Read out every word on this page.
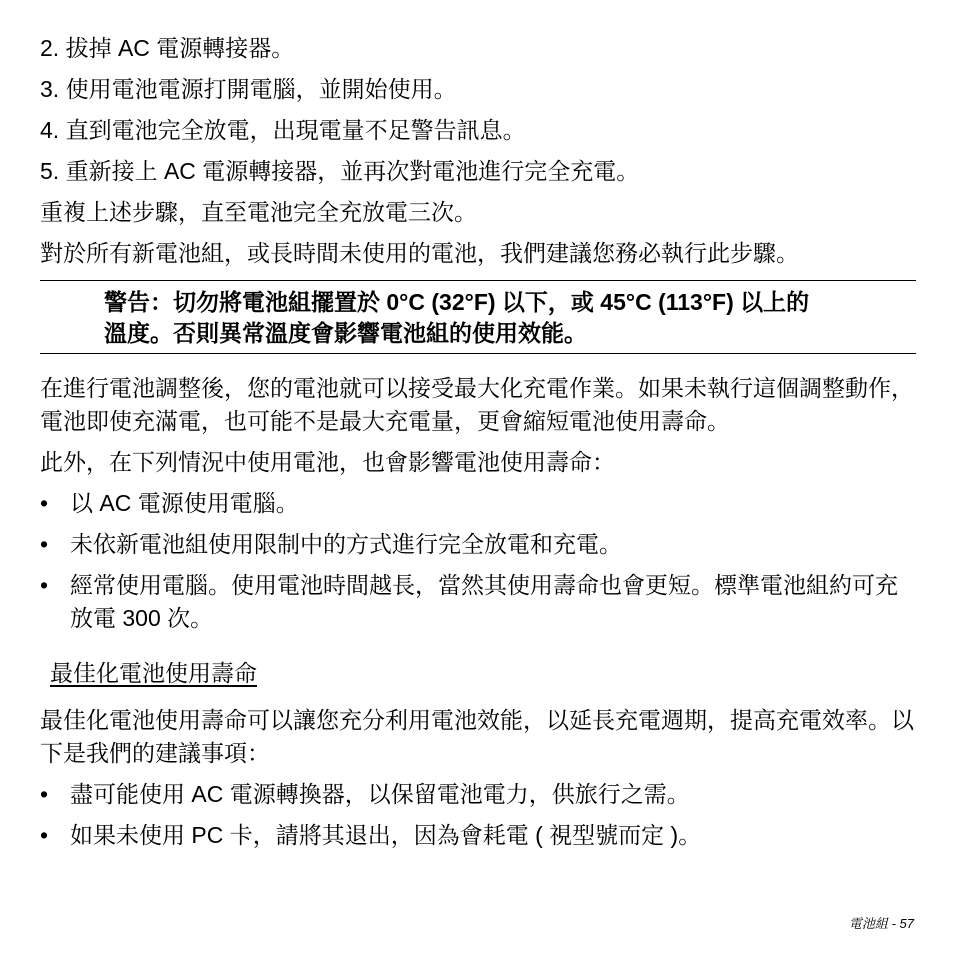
2. 拔掉 AC 電源轉接器。
3. 使用電池電源打開電腦，並開始使用。
4. 直到電池完全放電，出現電量不足警告訊息。
5. 重新接上 AC 電源轉接器，並再次對電池進行完全充電。
重複上述步驟，直至電池完全充放電三次。
對於所有新電池組，或長時間未使用的電池，我們建議您務必執行此步驟。
警告：切勿將電池組擺置於 0°C (32°F) 以下，或 45°C (113°F) 以上的
溫度。否則異常溫度會影響電池組的使用效能。
在進行電池調整後，您的電池就可以接受最大化充電作業。如果未執行這個調整動作，電池即使充滿電，也可能不是最大充電量，更會縮短電池使用壽命。
此外，在下列情況中使用電池，也會影響電池使用壽命：
• 以 AC 電源使用電腦。
• 未依新電池組使用限制中的方式進行完全放電和充電。
• 經常使用電腦。使用電池時間越長，當然其使用壽命也會更短。標準電池組約可充放電 300 次。
最佳化電池使用壽命
最佳化電池使用壽命可以讓您充分利用電池效能，以延長充電週期，提高充電效率。以下是我們的建議事項：
• 盡可能使用 AC 電源轉換器，以保留電池電力，供旅行之需。
• 如果未使用 PC 卡，請將其退出，因為會耗電 ( 視型號而定 )。
電池組 - 57
